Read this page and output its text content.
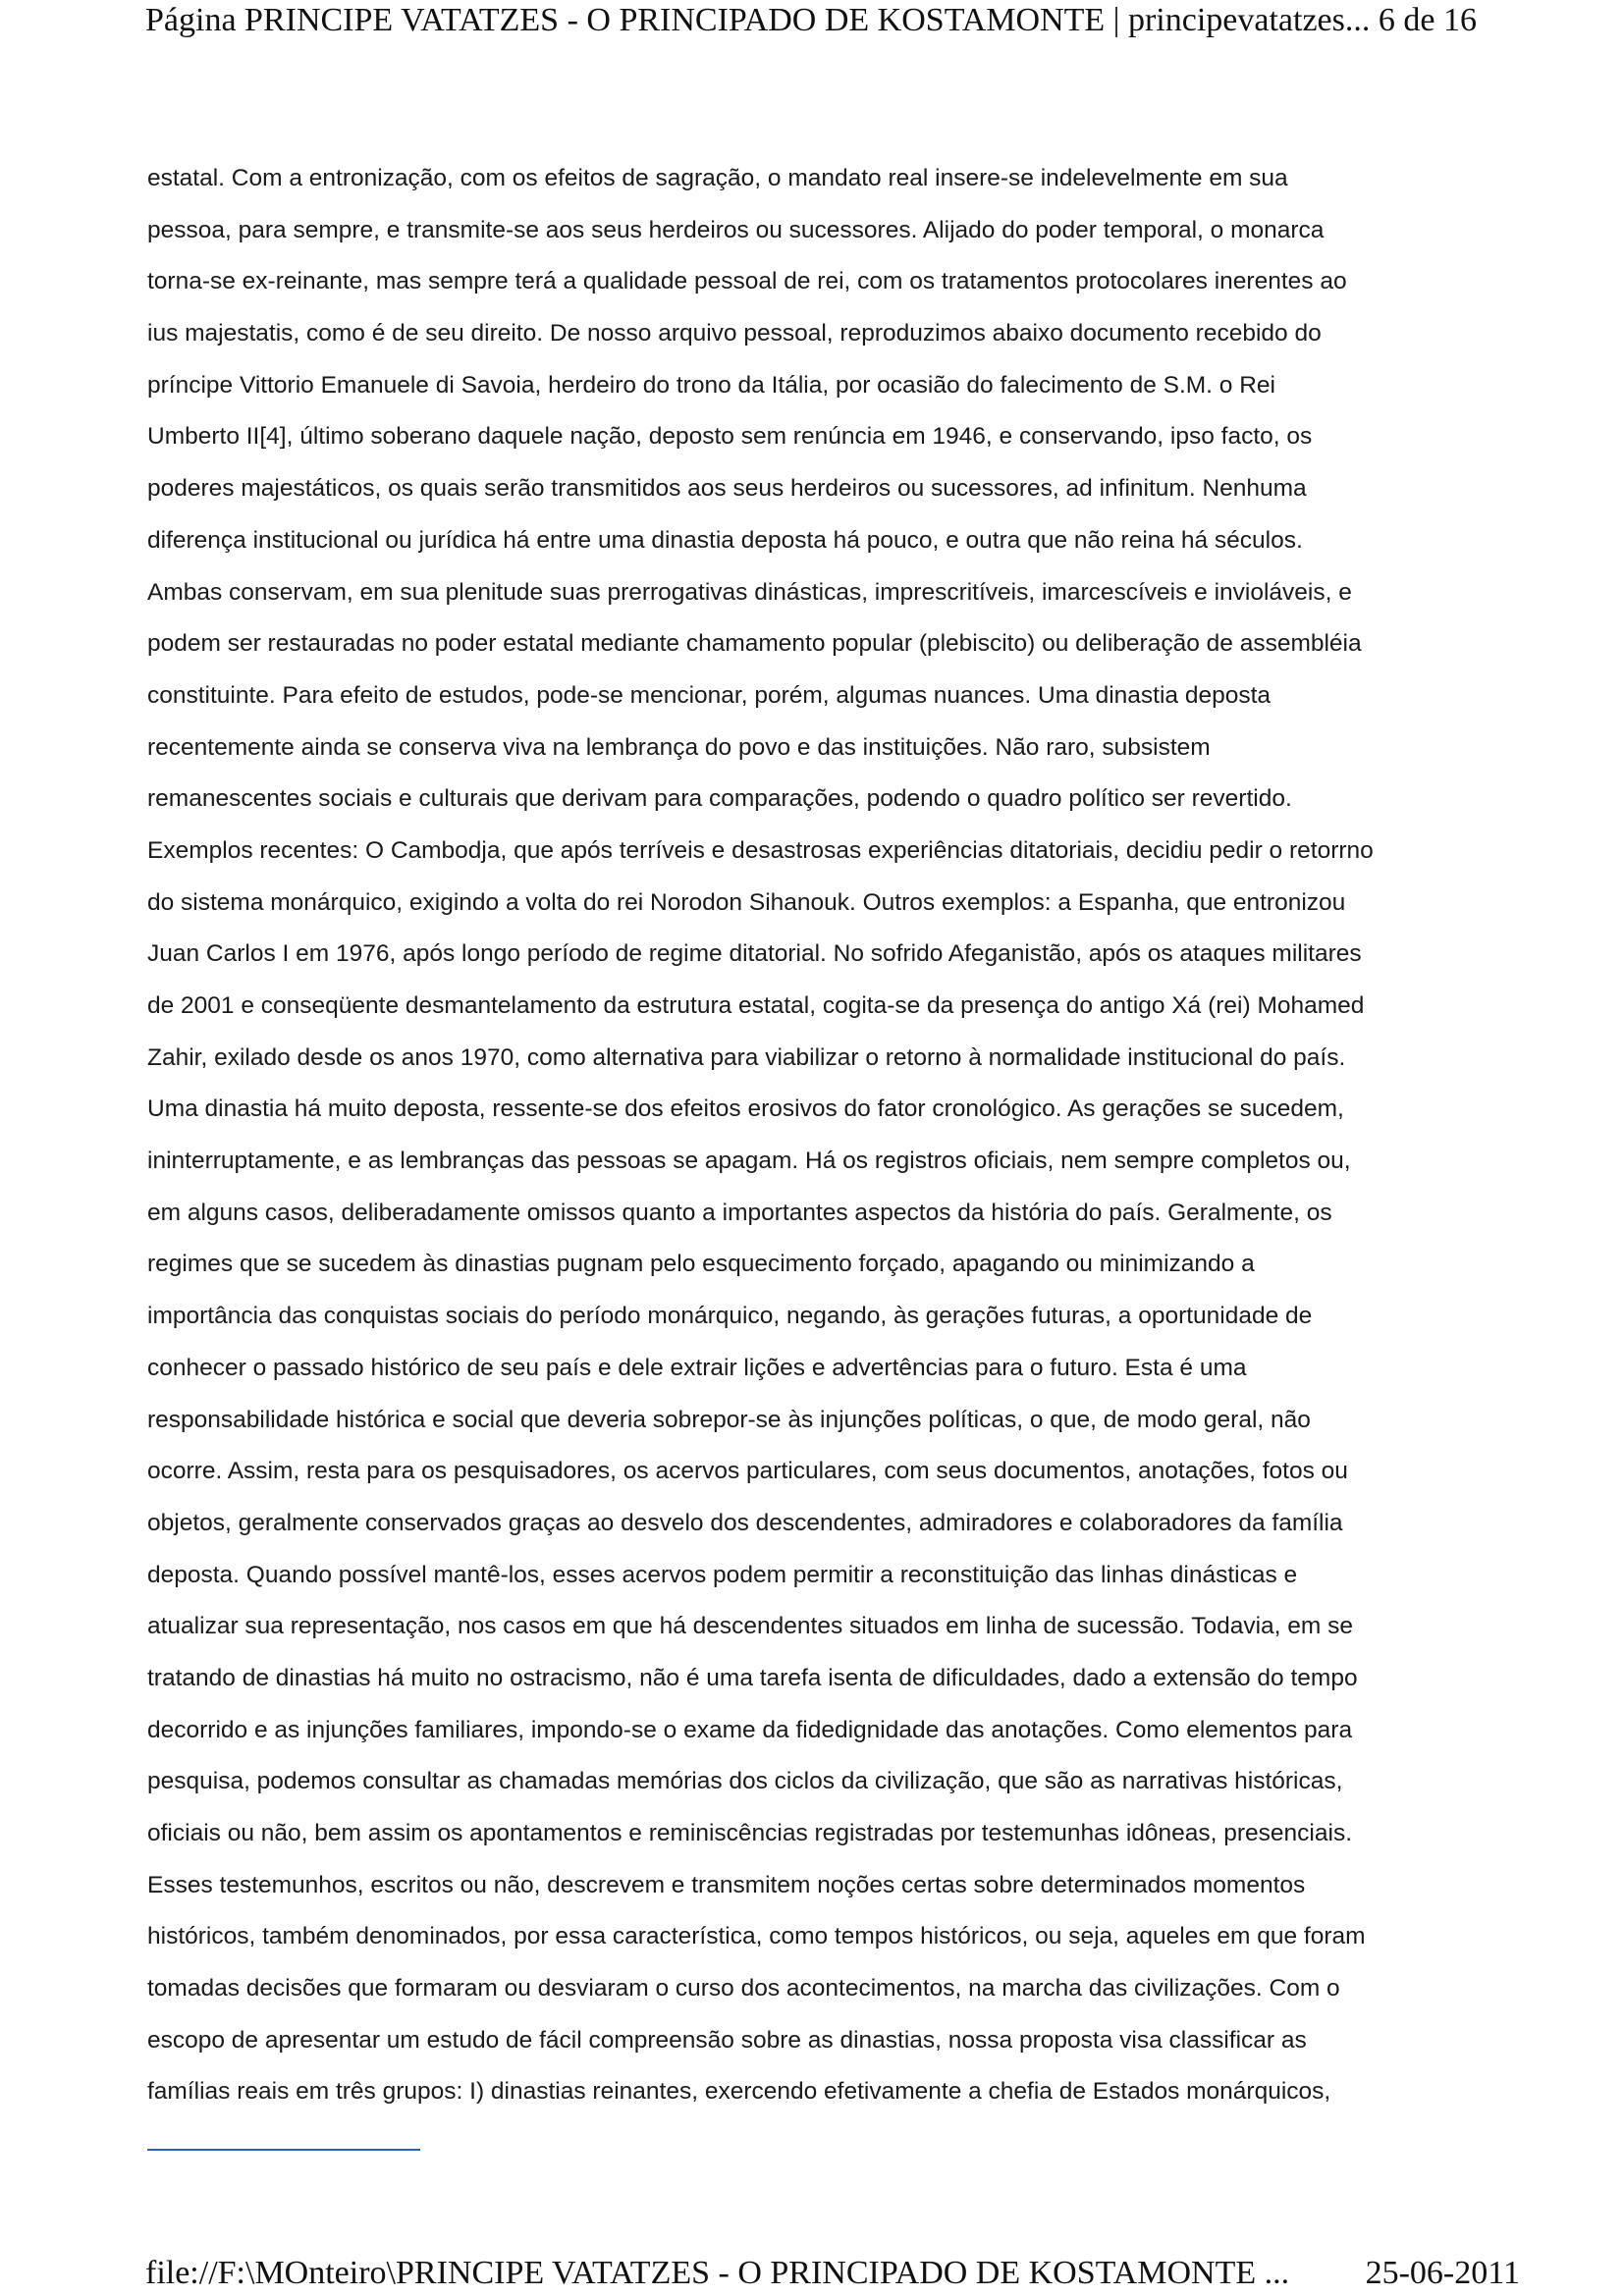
Página PRINCIPE VATATZES - O PRINCIPADO DE KOSTAMONTE | principevatatzes... 6 de 16
estatal. Com a entronização, com os efeitos de sagração, o mandato real insere-se indelevelmente em sua
pessoa, para sempre, e transmite-se aos seus herdeiros ou sucessores. Alijado do poder temporal, o monarca
torna-se ex-reinante, mas sempre terá a qualidade pessoal de rei, com os tratamentos protocolares inerentes ao
ius majestatis, como é de seu direito. De nosso arquivo pessoal, reproduzimos abaixo documento recebido do
príncipe Vittorio Emanuele di Savoia, herdeiro do trono da Itália, por ocasião do falecimento de S.M. o Rei
Umberto II[4], último soberano daquele nação, deposto sem renúncia em 1946, e conservando, ipso facto, os
poderes majestáticos, os quais serão transmitidos aos seus herdeiros ou sucessores, ad infinitum. Nenhuma
diferença institucional ou jurídica há entre uma dinastia deposta há pouco, e outra que não reina há séculos.
Ambas conservam, em sua plenitude suas prerrogativas dinásticas, imprescritíveis, imarcescíveis e invioláveis, e
podem ser restauradas no poder estatal mediante chamamento popular (plebiscito) ou deliberação de assembléia
constituinte. Para efeito de estudos, pode-se mencionar, porém, algumas nuances. Uma dinastia deposta
recentemente ainda se conserva viva na lembrança do povo e das instituições. Não raro, subsistem
remanescentes sociais e culturais que derivam para comparações, podendo o quadro político ser revertido.
Exemplos recentes: O Cambodja, que após terríveis e desastrosas experiências ditatoriais, decidiu pedir o retorrno
do sistema monárquico, exigindo a volta do rei Norodon Sihanouk. Outros exemplos: a Espanha, que entronizou
Juan Carlos I em 1976, após longo período de regime ditatorial. No sofrido Afeganistão, após os ataques militares
de 2001 e conseqüente desmantelamento da estrutura estatal, cogita-se da presença do antigo Xá (rei) Mohamed
Zahir, exilado desde os anos 1970, como alternativa para viabilizar o retorno à normalidade institucional do país.
Uma dinastia há muito deposta, ressente-se dos efeitos erosivos do fator cronológico. As gerações se sucedem,
ininterruptamente, e as lembranças das pessoas se apagam. Há os registros oficiais, nem sempre completos ou,
em alguns casos, deliberadamente omissos quanto a importantes aspectos da história do país. Geralmente, os
regimes que se sucedem às dinastias pugnam pelo esquecimento forçado, apagando ou minimizando a
importância das conquistas sociais do período monárquico, negando, às gerações futuras, a oportunidade de
conhecer o passado histórico de seu país e dele extrair lições e advertências para o futuro. Esta é uma
responsabilidade histórica e social que deveria sobrepor-se às injunções políticas, o que, de modo geral, não
ocorre. Assim, resta para os pesquisadores, os acervos particulares, com seus documentos, anotações, fotos ou
objetos, geralmente conservados graças ao desvelo dos descendentes, admiradores e colaboradores da família
deposta. Quando possível mantê-los, esses acervos podem permitir a reconstituição das linhas dinásticas e
atualizar sua representação, nos casos em que há descendentes situados em linha de sucessão. Todavia, em se
tratando de dinastias há muito no ostracismo, não é uma tarefa isenta de dificuldades, dado a extensão do tempo
decorrido e as injunções familiares, impondo-se o exame da fidedignidade das anotações. Como elementos para
pesquisa, podemos consultar as chamadas memórias dos ciclos da civilização, que são as narrativas históricas,
oficiais ou não, bem assim os apontamentos e reminiscências registradas por testemunhas idôneas, presenciais.
Esses testemunhos, escritos ou não, descrevem e transmitem noções certas sobre determinados momentos
históricos, também denominados, por essa característica, como tempos históricos, ou seja, aqueles em que foram
tomadas decisões que formaram ou desviaram o curso dos acontecimentos, na marcha das civilizações. Com o
escopo de apresentar um estudo de fácil compreensão sobre as dinastias, nossa proposta visa classificar as
famílias reais em três grupos: I) dinastias reinantes, exercendo efetivamente a chefia de Estados monárquicos,
file://F:\MOnteiro\PRINCIPE VATATZES - O PRINCIPADO DE KOSTAMONTE ... 25-06-2011
